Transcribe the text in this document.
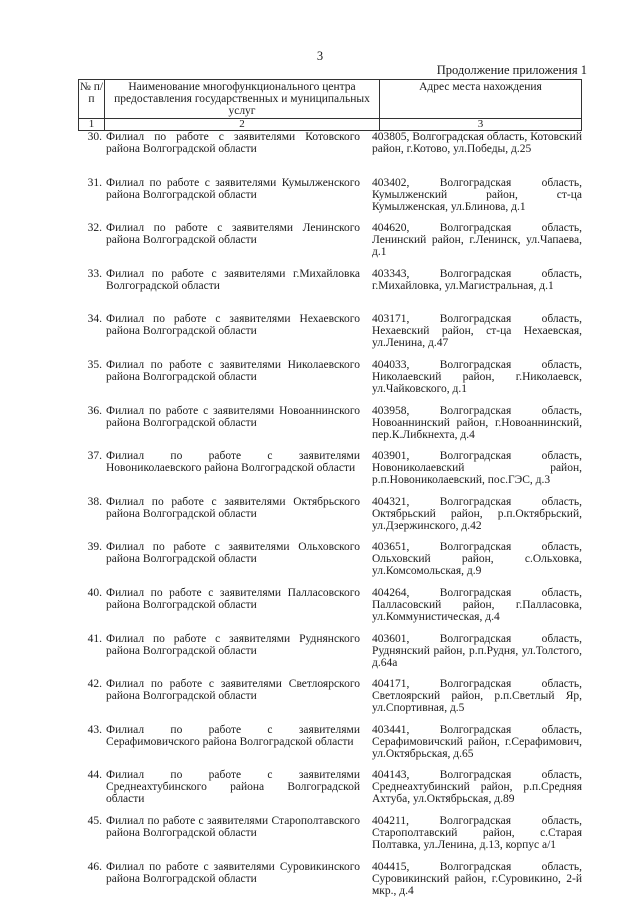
3
Продолжение приложения 1
№ п/п
Наименование многофункционального центра предоставления государственных и муниципальных услуг
Адрес места нахождения
1	2	3
30. Филиал по работе с заявителями Котовского района Волгоградской области
403805, Волгоградская область, Котовский район, г.Котово, ул.Победы, д.25
31. Филиал по работе с заявителями Кумылженского района Волгоградской области
403402, Волгоградская область, Кумылженский район, ст-ца Кумылженская, ул.Блинова, д.1
32. Филиал по работе с заявителями Ленинского района Волгоградской области
404620, Волгоградская область, Ленинский район, г.Ленинск, ул.Чапаева, д.1
33. Филиал по работе с заявителями г.Михайловка Волгоградской области
403343, Волгоградская область, г.Михайловка, ул.Магистральная, д.1
34. Филиал по работе с заявителями Нехаевского района Волгоградской области
403171, Волгоградская область, Нехаевский район, ст-ца Нехаевская, ул.Ленина, д.47
35. Филиал по работе с заявителями Николаевского района Волгоградской области
404033, Волгоградская область, Николаевский район, г.Николаевск, ул.Чайковского, д.1
36. Филиал по работе с заявителями Новоаннинского района Волгоградской области
403958, Волгоградская область, Новоаннинский район, г.Новоаннинский, пер.К.Либкнехта, д.4
37. Филиал по работе с заявителями Новониколаевского района Волгоградской области
403901, Волгоградская область, Новониколаевский район, р.п.Новониколаевский, пос.ГЭС, д.3
38. Филиал по работе с заявителями Октябрьского района Волгоградской области
404321, Волгоградская область, Октябрьский район, р.п.Октябрьский, ул.Дзержинского, д.42
39. Филиал по работе с заявителями Ольховского района Волгоградской области
403651, Волгоградская область, Ольховский район, с.Ольховка, ул.Комсомольская, д.9
40. Филиал по работе с заявителями Палласовского района Волгоградской области
404264, Волгоградская область, Палласовский район, г.Палласовка, ул.Коммунистическая, д.4
41. Филиал по работе с заявителями Руднянского района Волгоградской области
403601, Волгоградская область, Руднянский район, р.п.Рудня, ул.Толстого, д.64а
42. Филиал по работе с заявителями Светлоярского района Волгоградской области
404171, Волгоградская область, Светлоярский район, р.п.Светлый Яр, ул.Спортивная, д.5
43. Филиал по работе с заявителями Серафимовичского района Волгоградской области
403441, Волгоградская область, Серафимовичский район, г.Серафимович, ул.Октябрьская, д.65
44. Филиал по работе с заявителями Среднеахтубинского района Волгоградской области
404143, Волгоградская область, Среднеахтубинский район, р.п.Средняя Ахтуба, ул.Октябрьская, д.89
45. Филиал по работе с заявителями Старополтавского района Волгоградской области
404211, Волгоградская область, Старополтавский район, с.Старая Полтавка, ул.Ленина, д.13, корпус а/1
46. Филиал по работе с заявителями Суровикинского района Волгоградской области
404415, Волгоградская область, Суровикинский район, г.Суровикино, 2-й мкр., д.4
